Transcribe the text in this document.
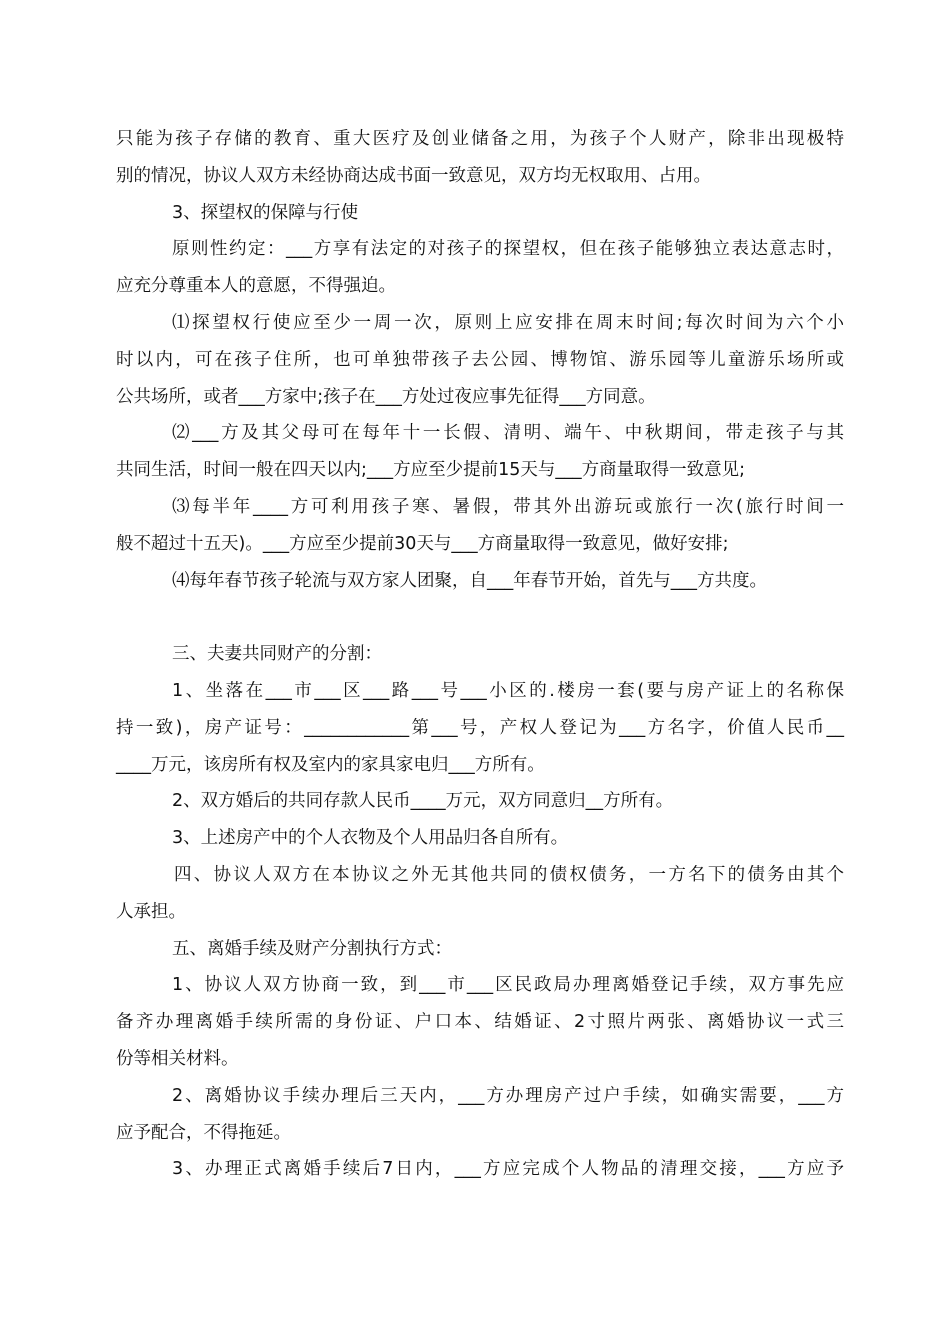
只能为孩子存储的教育、重大医疗及创业储备之用，为孩子个人财产，除非出现极特
别的情况，协议人双方未经协商达成书面一致意见，双方均无权取用、占用。
3、探望权的保障与行使
原则性约定：___方享有法定的对孩子的探望权，但在孩子能够独立表达意志时，
应充分尊重本人的意愿，不得强迫。
⑴探望权行使应至少一周一次，原则上应安排在周末时间;每次时间为六个小
时以内，可在孩子住所，也可单独带孩子去公园、博物馆、游乐园等儿童游乐场所或
公共场所，或者___方家中;孩子在___方处过夜应事先征得___方同意。
⑵___方及其父母可在每年十一长假、清明、端午、中秋期间，带走孩子与其
共同生活，时间一般在四天以内;___方应至少提前15天与___方商量取得一致意见;
⑶每半年____方可利用孩子寒、暑假，带其外出游玩或旅行一次(旅行时间一
般不超过十五天)。___方应至少提前30天与___方商量取得一致意见，做好安排;
⑷每年春节孩子轮流与双方家人团聚，自___年春节开始，首先与___方共度。
三、夫妻共同财产的分割：
1、坐落在___市___区___路___号___小区的.楼房一套(要与房产证上的名称保
持一致)，房产证号：____________第___号，产权人登记为___方名字，价值人民币__
____万元，该房所有权及室内的家具家电归___方所有。
2、双方婚后的共同存款人民币____万元，双方同意归__方所有。
3、上述房产中的个人衣物及个人用品归各自所有。
四、协议人双方在本协议之外无其他共同的债权债务，一方名下的债务由其个
人承担。
五、离婚手续及财产分割执行方式：
1、协议人双方协商一致，到___市___区民政局办理离婚登记手续，双方事先应
备齐办理离婚手续所需的身份证、户口本、结婚证、2寸照片两张、离婚协议一式三
份等相关材料。
2、离婚协议手续办理后三天内，___方办理房产过户手续，如确实需要，___方
应予配合，不得拖延。
3、办理正式离婚手续后7日内，___方应完成个人物品的清理交接，___方应予
